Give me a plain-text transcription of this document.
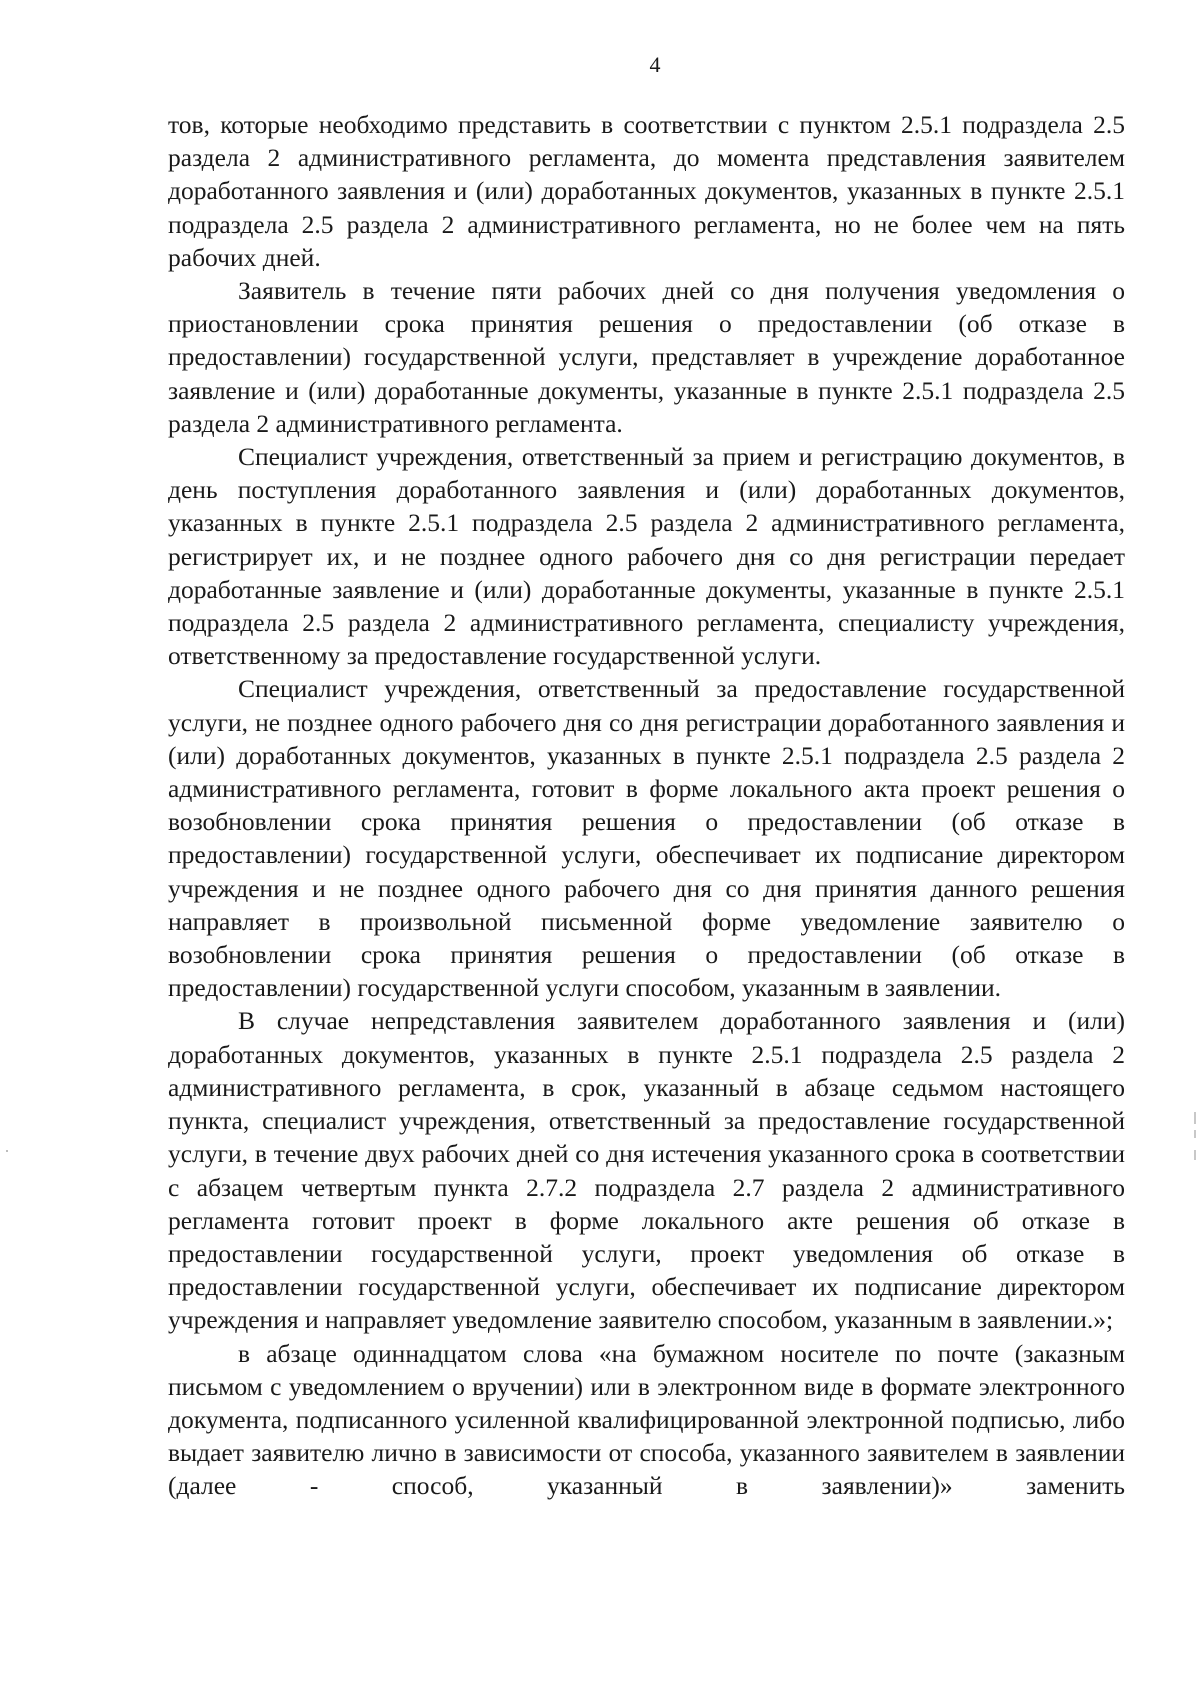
4

тов, которые необходимо представить в соответствии с пунктом 2.5.1 подраздела 2.5 раздела 2 административного регламента, до момента представления заявителем доработанного заявления и (или) доработанных документов, указанных в пункте 2.5.1 подраздела 2.5 раздела 2 административного регламента, но не более чем на пять рабочих дней.

Заявитель в течение пяти рабочих дней со дня получения уведомления о приостановлении срока принятия решения о предоставлении (об отказе в предоставлении) государственной услуги, представляет в учреждение доработанное заявление и (или) доработанные документы, указанные в пункте 2.5.1 подраздела 2.5 раздела 2 административного регламента.

Специалист учреждения, ответственный за прием и регистрацию документов, в день поступления доработанного заявления и (или) доработанных документов, указанных в пункте 2.5.1 подраздела 2.5 раздела 2 административного регламента, регистрирует их, и не позднее одного рабочего дня со дня регистрации передает доработанные заявление и (или) доработанные документы, указанные в пункте 2.5.1 подраздела 2.5 раздела 2 административного регламента, специалисту учреждения, ответственному за предоставление государственной услуги.

Специалист учреждения, ответственный за предоставление государственной услуги, не позднее одного рабочего дня со дня регистрации доработанного заявления и (или) доработанных документов, указанных в пункте 2.5.1 подраздела 2.5 раздела 2 административного регламента, готовит в форме локального акта проект решения о возобновлении срока принятия решения о предоставлении (об отказе в предоставлении) государственной услуги, обеспечивает их подписание директором учреждения и не позднее одного рабочего дня со дня принятия данного решения направляет в произвольной письменной форме уведомление заявителю о возобновлении срока принятия решения о предоставлении (об отказе в предоставлении) государственной услуги способом, указанным в заявлении.

В случае непредставления заявителем доработанного заявления и (или) доработанных документов, указанных в пункте 2.5.1 подраздела 2.5 раздела 2 административного регламента, в срок, указанный в абзаце седьмом настоящего пункта, специалист учреждения, ответственный за предоставление государственной услуги, в течение двух рабочих дней со дня истечения указанного срока в соответствии с абзацем четвертым пункта 2.7.2 подраздела 2.7 раздела 2 административного регламента готовит проект в форме локального акте решения об отказе в предоставлении государственной услуги, проект уведомления об отказе в предоставлении государственной услуги, обеспечивает их подписание директором учреждения и направляет уведомление заявителю способом, указанным в заявлении.»;

в абзаце одиннадцатом слова «на бумажном носителе по почте (заказным письмом с уведомлением о вручении) или в электронном виде в формате электронного документа, подписанного усиленной квалифицированной электронной подписью, либо выдает заявителю лично в зависимости от способа, указанного заявителем в заявлении (далее - способ, указанный в заявлении)» заменить
